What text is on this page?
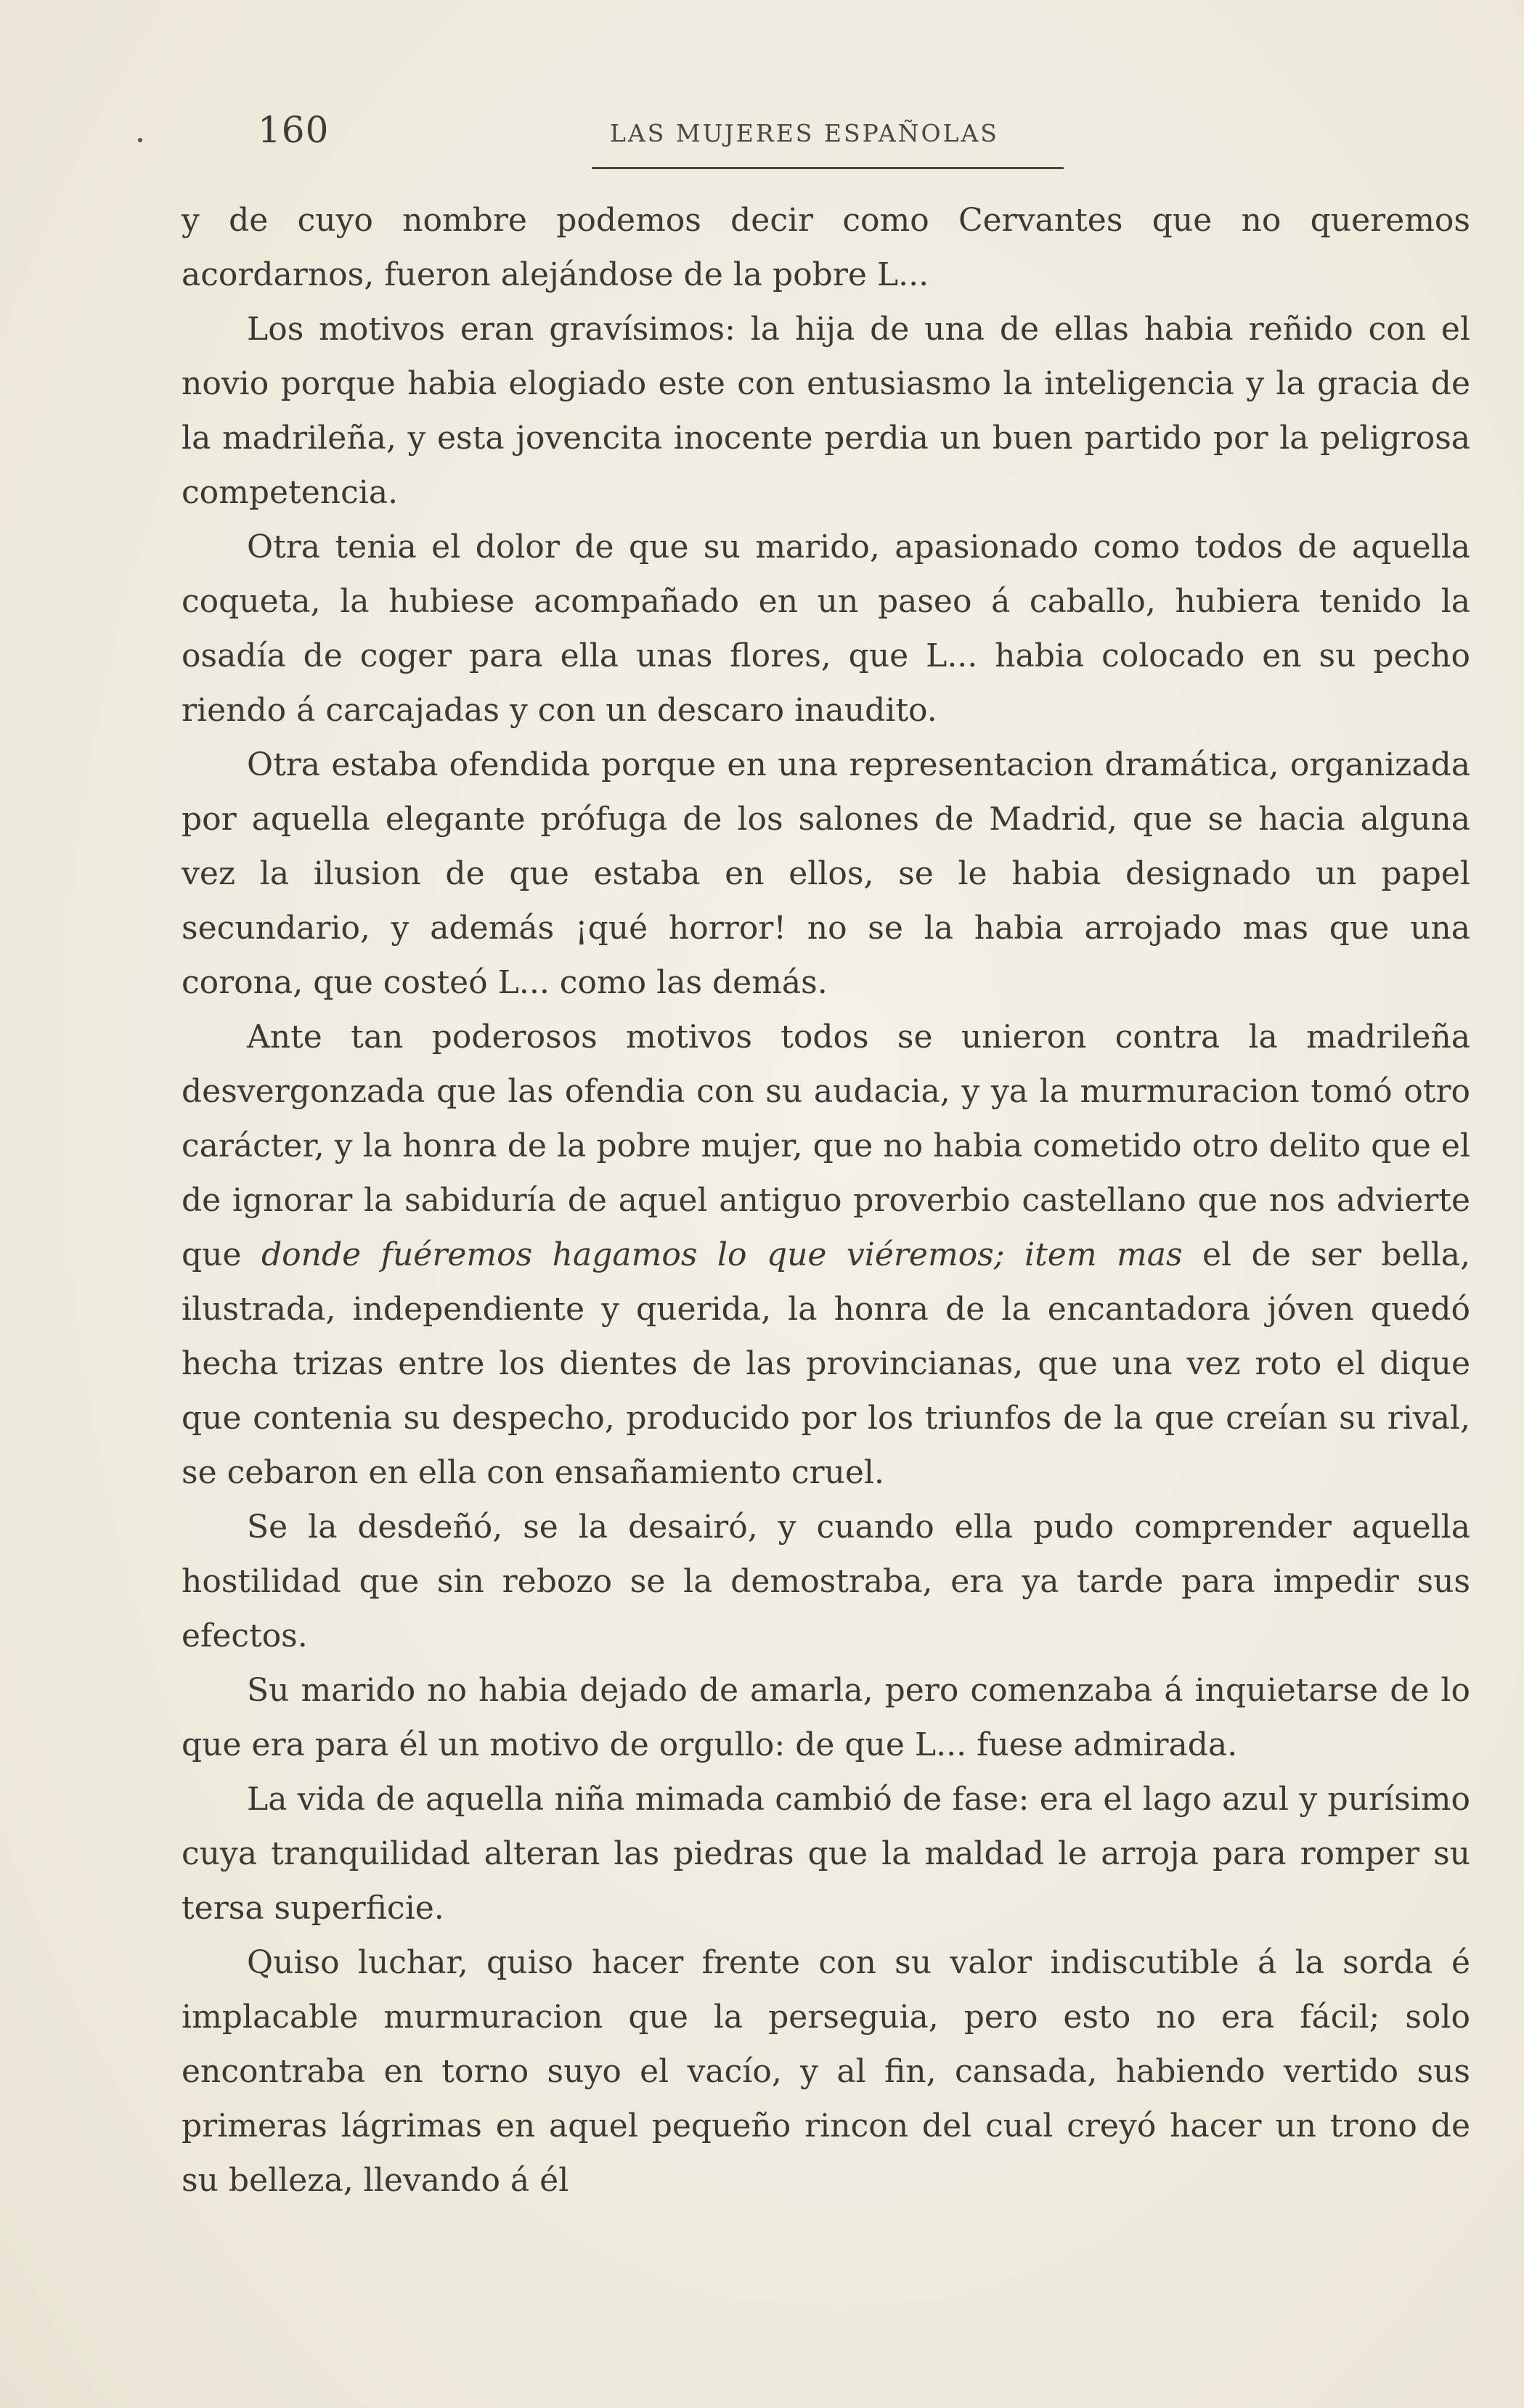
160	LAS MUJERES ESPAÑOLAS

y de cuyo nombre podemos decir como Cervantes que no queremos acordarnos, fueron alejándose de la pobre L...

Los motivos eran gravísimos: la hija de una de ellas habia reñido con el novio porque habia elogiado este con entusiasmo la inteligencia y la gracia de la madrileña, y esta jovencita inocente perdia un buen partido por la peligrosa competencia.

Otra tenia el dolor de que su marido, apasionado como todos de aquella coqueta, la hubiese acompañado en un paseo á caballo, hubiera tenido la osadía de coger para ella unas flores, que L... habia colocado en su pecho riendo á carcajadas y con un descaro inaudito.

Otra estaba ofendida porque en una representacion dramática, organizada por aquella elegante prófuga de los salones de Madrid, que se hacia alguna vez la ilusion de que estaba en ellos, se le habia designado un papel secundario, y además ¡qué horror! no se la habia arrojado mas que una corona, que costeó L... como las demás.

Ante tan poderosos motivos todos se unieron contra la madrileña desvergonzada que las ofendia con su audacia, y ya la murmuracion tomó otro carácter, y la honra de la pobre mujer, que no habia cometido otro delito que el de ignorar la sabiduría de aquel antiguo proverbio castellano que nos advierte que donde fuéremos hagamos lo que viéremos; item mas el de ser bella, ilustrada, independiente y querida, la honra de la encantadora jóven quedó hecha trizas entre los dientes de las provincianas, que una vez roto el dique que contenia su despecho, producido por los triunfos de la que creían su rival, se cebaron en ella con ensañamiento cruel.

Se la desdeñó, se la desairó, y cuando ella pudo comprender aquella hostilidad que sin rebozo se la demostraba, era ya tarde para impedir sus efectos.

Su marido no habia dejado de amarla, pero comenzaba á inquietarse de lo que era para él un motivo de orgullo: de que L... fuese admirada.

La vida de aquella niña mimada cambió de fase: era el lago azul y purísimo cuya tranquilidad alteran las piedras que la maldad le arroja para romper su tersa superficie.

Quiso luchar, quiso hacer frente con su valor indiscutible á la sorda é implacable murmuracion que la perseguia, pero esto no era fácil; solo encontraba en torno suyo el vacío, y al fin, cansada, habiendo vertido sus primeras lágrimas en aquel pequeño rincon del cual creyó hacer un trono de su belleza, llevando á él
